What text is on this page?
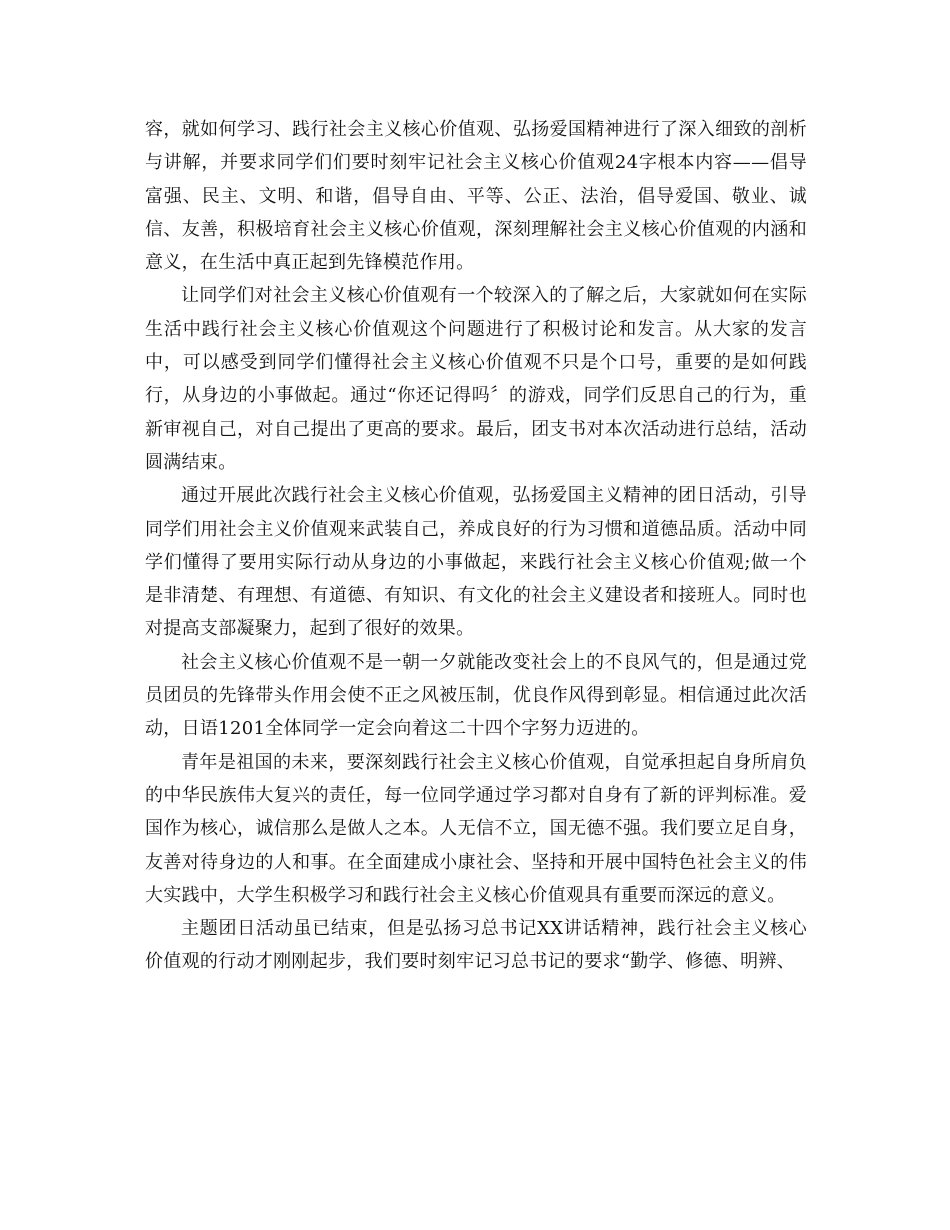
容，就如何学习、践行社会主义核心价值观、弘扬爱国精神进行了深入细致的剖析与讲解，并要求同学们们要时刻牢记社会主义核心价值观24字根本内容——倡导富强、民主、文明、和谐，倡导自由、平等、公正、法治，倡导爱国、敬业、诚信、友善，积极培育社会主义核心价值观，深刻理解社会主义核心价值观的内涵和意义，在生活中真正起到先锋模范作用。

让同学们对社会主义核心价值观有一个较深入的了解之后，大家就如何在实际生活中践行社会主义核心价值观这个问题进行了积极讨论和发言。从大家的发言中，可以感受到同学们懂得社会主义核心价值观不只是个口号，重要的是如何践行，从身边的小事做起。通过“你还记得吗〞的游戏，同学们反思自己的行为，重新审视自己，对自己提出了更高的要求。最后，团支书对本次活动进行总结，活动圆满结束。

通过开展此次践行社会主义核心价值观，弘扬爱国主义精神的团日活动，引导同学们用社会主义价值观来武装自己，养成良好的行为习惯和道德品质。活动中同学们懂得了要用实际行动从身边的小事做起，来践行社会主义核心价值观;做一个是非清楚、有理想、有道德、有知识、有文化的社会主义建设者和接班人。同时也对提高支部凝聚力，起到了很好的效果。

社会主义核心价值观不是一朝一夕就能改变社会上的不良风气的，但是通过党员团员的先锋带头作用会使不正之风被压制，优良作风得到彰显。相信通过此次活动，日语1201全体同学一定会向着这二十四个字努力迈进的。

青年是祖国的未来，要深刻践行社会主义核心价值观，自觉承担起自身所肩负的中华民族伟大复兴的责任，每一位同学通过学习都对自身有了新的评判标准。爱国作为核心，诚信那么是做人之本。人无信不立，国无德不强。我们要立足自身，友善对待身边的人和事。在全面建成小康社会、坚持和开展中国特色社会主义的伟大实践中，大学生积极学习和践行社会主义核心价值观具有重要而深远的意义。

主题团日活动虽已结束，但是弘扬习总书记XX讲话精神，践行社会主义核心价值观的行动才刚刚起步，我们要时刻牢记习总书记的要求“勤学、修德、明辨、
